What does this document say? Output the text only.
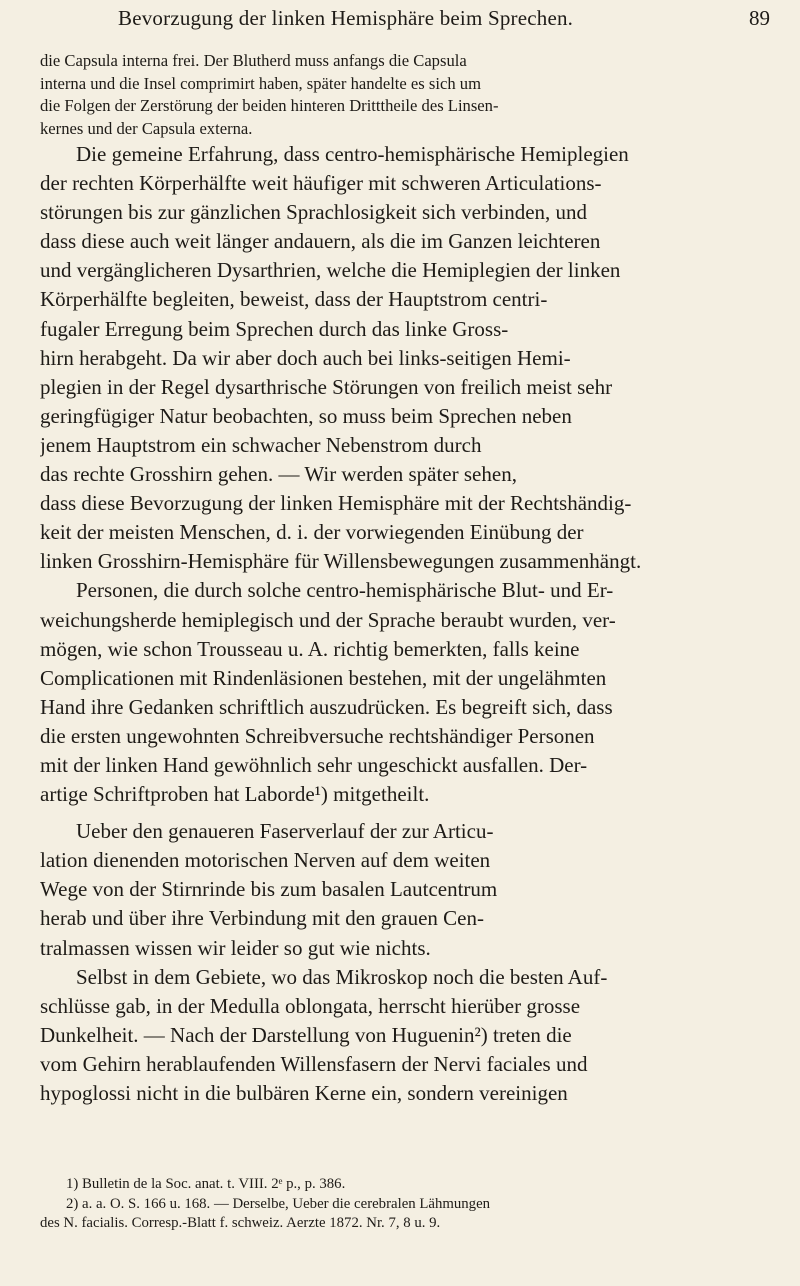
Bevorzugung der linken Hemisphäre beim Sprechen.	89
die Capsula interna frei. Der Blutherd muss anfangs die Capsula
interna und die Insel comprimirt haben, später handelte es sich um
die Folgen der Zerstörung der beiden hinteren Dritttheile des Linsen-
kernes und der Capsula externa.
Die gemeine Erfahrung, dass centro-hemisphärische Hemiplegien
der rechten Körperhälfte weit häufiger mit schweren Articulations-
störungen bis zur gänzlichen Sprachlosigkeit sich verbinden, und
dass diese auch weit länger andauern, als die im Ganzen leichteren
und vergänglicheren Dysarthrien, welche die Hemiplegien der linken
Körperhälfte begleiten, beweist, dass der Hauptstrom centri-
fugaler Erregung beim Sprechen durch das linke Gross-
hirn herabgeht. Da wir aber doch auch bei links-seitigen Hemi-
plegien in der Regel dysarthrische Störungen von freilich meist sehr
geringfügiger Natur beobachten, so muss beim Sprechen neben
jenem Hauptstrom ein schwacher Nebenstrom durch
das rechte Grosshirn gehen. — Wir werden später sehen,
dass diese Bevorzugung der linken Hemisphäre mit der Rechtshändig-
keit der meisten Menschen, d. i. der vorwiegenden Einübung der
linken Grosshirn-Hemisphäre für Willensbewegungen zusammenhängt.
Personen, die durch solche centro-hemisphärische Blut- und Er-
weichungsherde hemiplegisch und der Sprache beraubt wurden, ver-
mögen, wie schon Trousseau u. A. richtig bemerkten, falls keine
Complicationen mit Rindenläsionen bestehen, mit der ungelähmten
Hand ihre Gedanken schriftlich auszudrücken. Es begreift sich, dass
die ersten ungewohnten Schreibversuche rechtshändiger Personen
mit der linken Hand gewöhnlich sehr ungeschickt ausfallen. Der-
artige Schriftproben hat Laborde¹) mitgetheilt.
Ueber den genaueren Faserverlauf der zur Articu-
lation dienenden motorischen Nerven auf dem weiten
Wege von der Stirnrinde bis zum basalen Lautcentrum
herab und über ihre Verbindung mit den grauen Cen-
tralmassen wissen wir leider so gut wie nichts.
Selbst in dem Gebiete, wo das Mikroskop noch die besten Auf-
schlüsse gab, in der Medulla oblongata, herrscht hierüber grosse
Dunkelheit. — Nach der Darstellung von Huguenin²) treten die
vom Gehirn herablaufenden Willensfasern der Nervi faciales und
hypoglossi nicht in die bulbären Kerne ein, sondern vereinigen
1) Bulletin de la Soc. anat. t. VIII. 2ᵉ p., p. 386.
2) a. a. O. S. 166 u. 168. — Derselbe, Ueber die cerebralen Lähmungen
des N. facialis. Corresp.-Blatt f. schweiz. Aerzte 1872. Nr. 7, 8 u. 9.
